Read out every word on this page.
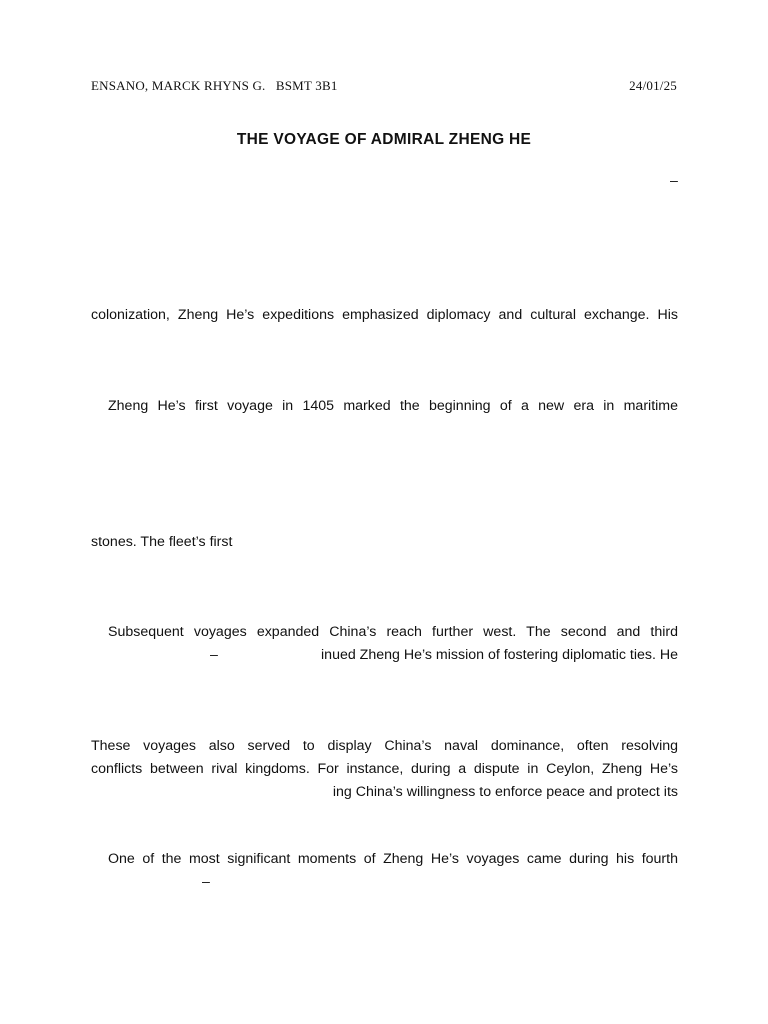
ENSANO, MARCK RHYNS G.   BSMT 3B1	24/01/25
THE VOYAGE OF ADMIRAL ZHENG HE
–
colonization, Zheng He’s expeditions emphasized diplomacy and cultural exchange. His
Zheng He’s first voyage in 1405 marked the beginning of a new era in maritime
stones. The fleet’s first
Subsequent voyages expanded China’s reach further west. The second and third
–	inued Zheng He’s mission of fostering diplomatic ties. He
These voyages also served to display China’s naval dominance, often resolving
conflicts between rival kingdoms. For instance, during a dispute in Ceylon, Zheng He’s
ing China’s willingness to enforce peace and protect its
One of the most significant moments of Zheng He’s voyages came during his fourth
–
